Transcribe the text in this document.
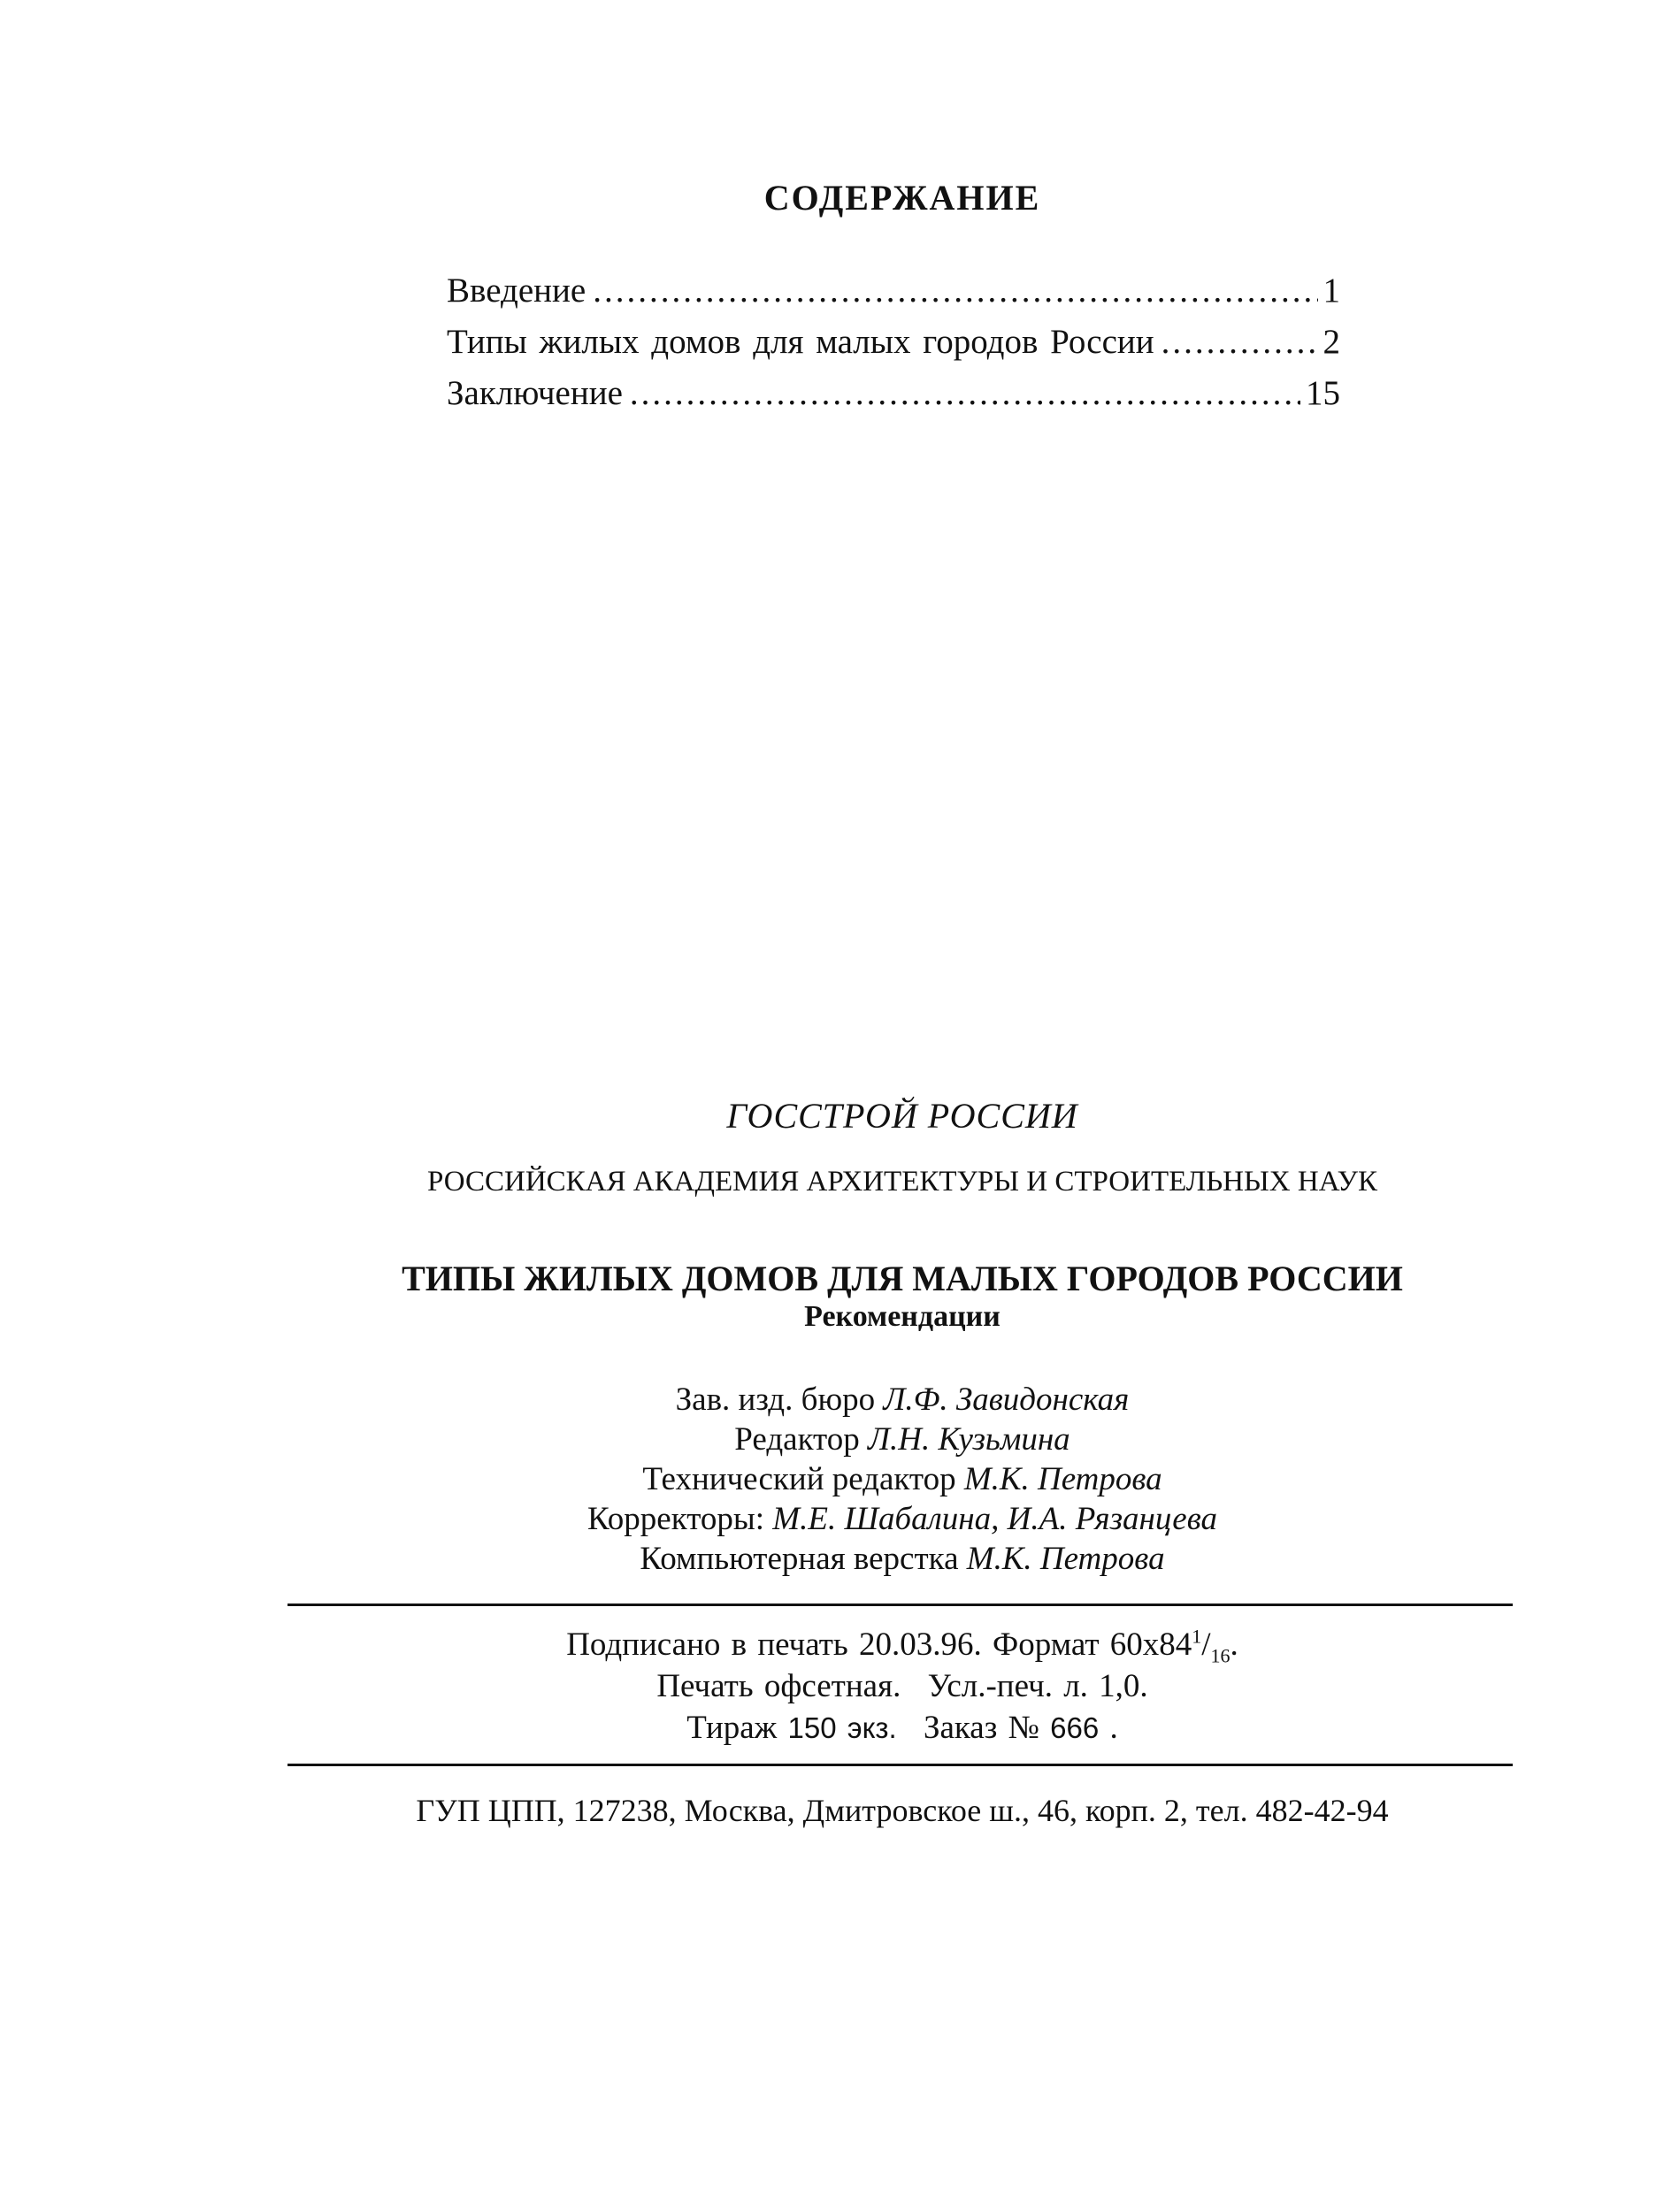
СОДЕРЖАНИЕ
Введение .....	1
Типы жилых домов для малых городов России .....	2
Заключение .....	15
ГОССТРОЙ РОССИИ
РОССИЙСКАЯ АКАДЕМИЯ АРХИТЕКТУРЫ И СТРОИТЕЛЬНЫХ НАУК
ТИПЫ ЖИЛЫХ ДОМОВ ДЛЯ МАЛЫХ ГОРОДОВ РОССИИ
Рекомендации
Зав. изд. бюро Л.Ф. Завидонская
Редактор Л.Н. Кузьмина
Технический редактор М.К. Петрова
Корректоры: М.Е. Шабалина, И.А. Рязанцева
Компьютерная верстка М.К. Петрова
Подписано в печать 20.03.96. Формат $60х84^1/_{16}$.
Печать офсетная. Усл.-печ. л. 1,0.
Тираж 150 экз. Заказ № 666 .
ГУП ЦПП, 127238, Москва, Дмитровское ш., 46, корп. 2, тел. 482-42-94
